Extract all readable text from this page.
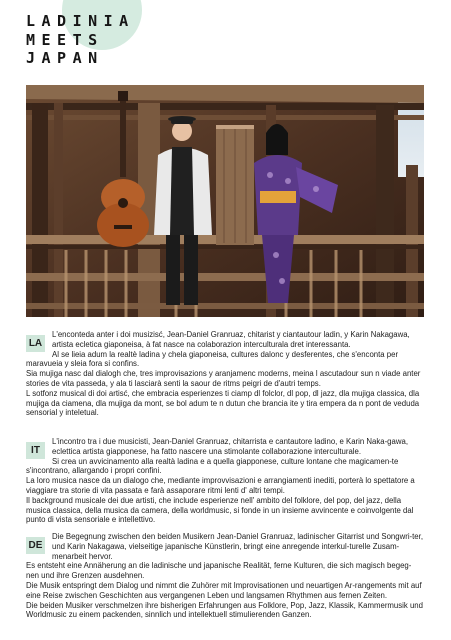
LADINIA
MEETS
JAPAN
LA

L'enconteda anter i doi musizisć, Jean-Daniel Granruaz, chitarist y ciantautour ladin, y Karin Nakagawa, artista ecletica giaponeisa, à fat nasce na colaborazion interculturala dret interessanta.

Al se lieia adum la realtè ladina y chela giaponeisa, cultures dalonc y desferentes, che s'enconta per maravueia y sleia fora si confins.

Sia mujiga nasc dal dialogh che, tres improvisazions y aranjamenc moderns, meina l ascutadour sun n viade anter stories de vita passeda, y ala ti lasciarà senti la saour de ritms peigri de d'autri temps.

L sotfonz musical di doi artisć, che embracia esperienzes ti ciamp dl folclor, dl pop, dl jazz, dla mujiga classica, dla mujiga da ciamena, dla mujiga da mont, se bol adum te n dutun che brancia ite y tira empera da n pont de veduda sensorial y inteletual.

IT

L'incontro tra i due musicisti, Jean-Daniel Granruaz, chitarrista e cantautore ladino, e Karin Naka-gawa, eclettica artista giapponese, ha fatto nascere una stimolante collaborazione interculturale.

Si crea un avvicinamento alla realtà ladina e a quella giapponese, culture lontane che magicamen-te s'incontrano, allargando i propri confini.

La loro musica nasce da un dialogo che, mediante improvvisazioni e arrangiamenti inediti, porterà lo spettatore a viaggiare tra storie di vita passata e farà assaporare ritmi lenti d' altri tempi.

Il background musicale dei due artisti, che include esperienze nell' ambito del folklore, del pop, del jazz, della musica classica, della musica da camera, della worldmusic, si fonde in un insieme avvincente e coinvolgente dal punto di vista sensoriale e intellettivo.

DE

Die Begegnung zwischen den beiden Musikern Jean-Daniel Granruaz, ladinischer Gitarrist und Songwri-ter, und Karin Nakagawa, vielseitige japanische Künstlerin, bringt eine anregende interkul-turelle Zusam-menarbeit hervor.

Es entsteht eine Annäherung an die ladinische und japanische Realität, ferne Kulturen, die sich magisch begeg-nen und ihre Grenzen ausdehnen.

Die Musik entspringt dem Dialog und nimmt die Zuhörer mit Improvisationen und neuartigen Ar-rangements mit auf eine Reise zwischen Geschichten aus vergangenen Leben und langsamen Rhythmen aus fernen Zeiten.

Die beiden Musiker verschmelzen ihre bisherigen Erfahrungen aus Folklore, Pop, Jazz, Klassik, Kammermusik und Worldmusic zu einem packenden, sinnlich und intellektuell stimulierenden Ganzen.
